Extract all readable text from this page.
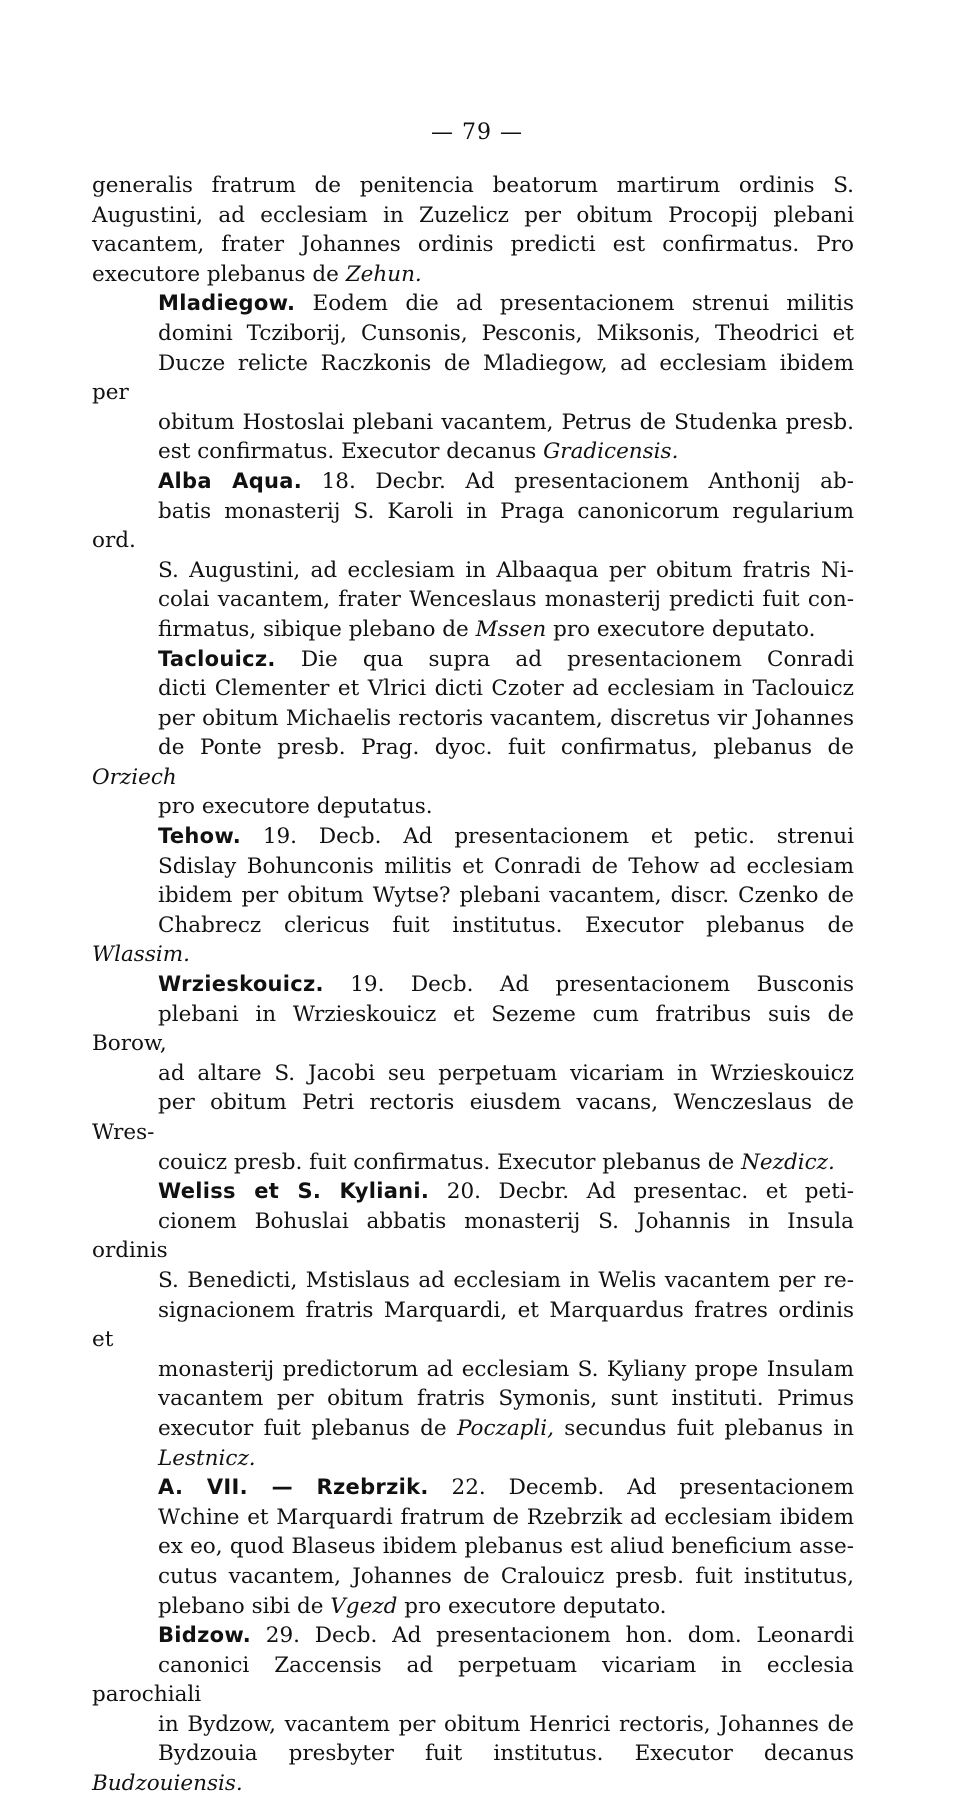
— 79 —

generalis fratrum de penitencia beatorum martirum ordinis S.
Augustini, ad ecclesiam in Zuzelicz per obitum Procopij plebani
vacantem, frater Johannes ordinis predicti est confirmatus. Pro
executore plebanus de Zehun.

Mladiegow. Eodem die ad presentacionem strenui militis
domini Tcziborij, Cunsonis, Pesconis, Miksonis, Theodrici et
Ducze relicte Raczkonis de Mladiegow, ad ecclesiam ibidem per
obitum Hostoslai plebani vacantem, Petrus de Studenka presb.
est confirmatus. Executor decanus Gradicensis.

Alba Aqua. 18. Decbr. Ad presentacionem Anthonij ab-
batis monasterij S. Karoli in Praga canonicorum regularium ord.
S. Augustini, ad ecclesiam in Albaaqua per obitum fratris Ni-
colai vacantem, frater Wenceslaus monasterij predicti fuit con-
firmatus, sibique plebano de Mssen pro executore deputato.

Taclouicz. Die qua supra ad presentacionem Conradi
dicti Clementer et Vlrici dicti Czoter ad ecclesiam in Taclouicz
per obitum Michaelis rectoris vacantem, discretus vir Johannes
de Ponte presb. Prag. dyoc. fuit confirmatus, plebanus de Orziech
pro executore deputatus.

Tehow. 19. Decb. Ad presentacionem et petic. strenui
Sdislay Bohunconis militis et Conradi de Tehow ad ecclesiam
ibidem per obitum Wytse? plebani vacantem, discr. Czenko de
Chabrecz clericus fuit institutus. Executor plebanus de Wlassim.

Wrzieskouicz. 19. Decb. Ad presentacionem Busconis
plebani in Wrzieskouicz et Sezeme cum fratribus suis de Borow,
ad altare S. Jacobi seu perpetuam vicariam in Wrzieskouicz
per obitum Petri rectoris eiusdem vacans, Wenczeslaus de Wres-
couicz presb. fuit confirmatus. Executor plebanus de Nezdicz.

Weliss et S. Kyliani. 20. Decbr. Ad presentac. et peti-
cionem Bohuslai abbatis monasterij S. Johannis in Insula ordinis
S. Benedicti, Mstislaus ad ecclesiam in Welis vacantem per re-
signacionem fratris Marquardi, et Marquardus fratres ordinis et
monasterij predictorum ad ecclesiam S. Kyliany prope Insulam
vacantem per obitum fratris Symonis, sunt instituti. Primus
executor fuit plebanus de Poczapli, secundus fuit plebanus in
Lestnicz.

A. VII. — Rzebrzik. 22. Decemb. Ad presentacionem
Wchine et Marquardi fratrum de Rzebrzik ad ecclesiam ibidem
ex eo, quod Blaseus ibidem plebanus est aliud beneficium asse-
cutus vacantem, Johannes de Cralouicz presb. fuit institutus,
plebano sibi de Vgezd pro executore deputato.

Bidzow. 29. Decb. Ad presentacionem hon. dom. Leonardi
canonici Zaccensis ad perpetuam vicariam in ecclesia parochiali
in Bydzow, vacantem per obitum Henrici rectoris, Johannes de
Bydzouia presbyter fuit institutus. Executor decanus Budzouiensis.
